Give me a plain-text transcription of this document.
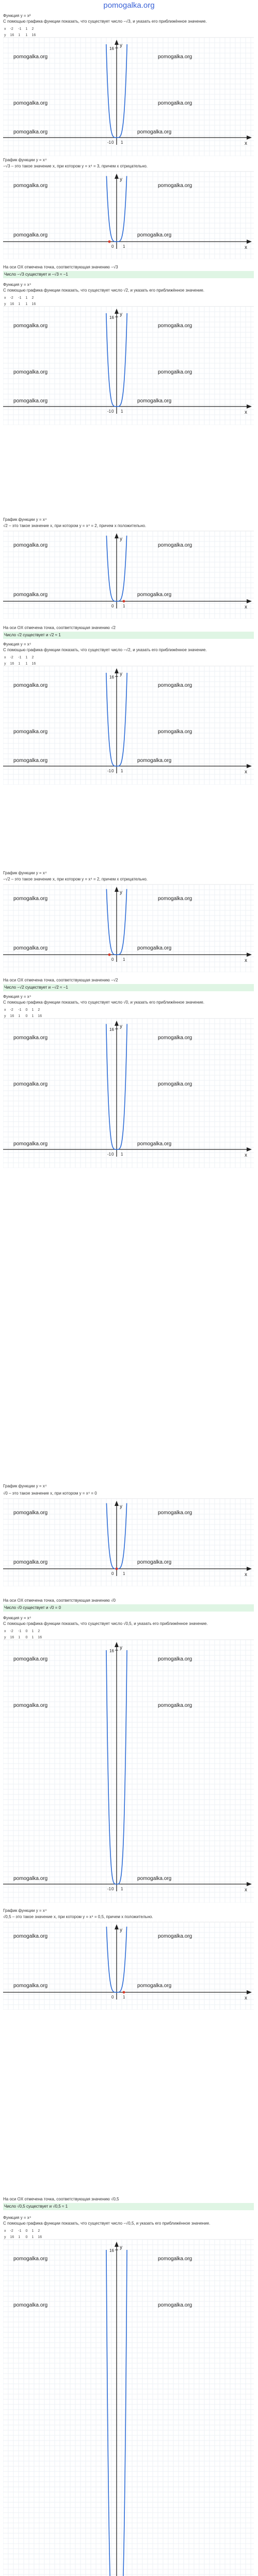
pomogalka.org
Функция y = x²
С помощью графика функции показать, что существует число −√3, и указать его приближённое значение.
x	-2	-1	1	2
y	16	1	1	16
x
y
0 1
16
-1
pomogalka.org	pomogalka.org
pomogalka.org	pomogalka.org
pomogalka.org	pomogalka.org
График функции y = x⁴
−√3 – это такое значение x, при котором y = x⁴ = 3, причем x отрицательно.
x
y
0 1
pomogalka.org	pomogalka.org
pomogalka.org	pomogalka.org
На оси OX отмечена точка, соответствующая значению −√3
Число −√3 существует и −√3 ≈ −1
Функция y = x⁴
С помощью графика функции показать, что существует число √2, и указать его приближённое значение.
x	-2	-1	1	2
y	16	1	1	16
x
y
0 1
16
-1
pomogalka.org	pomogalka.org
pomogalka.org	pomogalka.org
pomogalka.org	pomogalka.org
График функции y = x⁴
√2 – это такое значение x, при котором y = x⁴ = 2, причем x положительно.
x
y
0 1
pomogalka.org	pomogalka.org
pomogalka.org	pomogalka.org
На оси OX отмечена точка, соответствующая значению √2
Число √2 существует и √2 ≈ 1
Функция y = x⁴
С помощью графика функции показать, что существует число −√2, и указать его приближённое значение.
x	-2	-1	1	2
y	16	1	1	16
x
y
0 1
16
-1
pomogalka.org	pomogalka.org
pomogalka.org	pomogalka.org
pomogalka.org	pomogalka.org
График функции y = x⁴
−√2 – это такое значение x, при котором y = x⁴ = 2, причем x отрицательно.
x
y
0 1
pomogalka.org	pomogalka.org
pomogalka.org	pomogalka.org
На оси OX отмечена точка, соответствующая значению −√2
Число −√2 существует и −√2 ≈ −1
Функция y = x⁴
С помощью графика функции показать, что существует число √0, и указать его приближённое значение.
x	-2	-1	0	1	2
y	16	1	0	1	16
x
y
0 1
16
-1
pomogalka.org	pomogalka.org
pomogalka.org	pomogalka.org
pomogalka.org	pomogalka.org
График функции y = x⁴
√0 – это такое значение x, при котором y = x⁴ = 0
x
y
0 1
pomogalka.org	pomogalka.org
pomogalka.org	pomogalka.org
На оси OX отмечена точка, соответствующая значению √0
Число √0 существует и √0 = 0
Функция y = x⁴
С помощью графика функции показать, что существует число √0,5, и указать его приближённое значение.
x	-2	-1	0	1	2
y	16	1	0	1	16
x
y
0 1
16
-1
pomogalka.org	pomogalka.org
pomogalka.org	pomogalka.org
pomogalka.org	pomogalka.org
График функции y = x⁴
√0,5 – это такое значение x, при котором y = x⁴ = 0,5, причем x положительно.
x
y
0 1
pomogalka.org	pomogalka.org
pomogalka.org	pomogalka.org
На оси OX отмечена точка, соответствующая значению √0,5
Число √0,5 существует и √0,5 ≈ 1
Функция y = x⁴
С помощью графика функции показать, что существует число −√0,5, и указать его приближённое значение.
x	-2	-1	0	1	2
y	16	1	0	1	16
y
16
pomogalka.org	pomogalka.org
pomogalka.org	pomogalka.org
